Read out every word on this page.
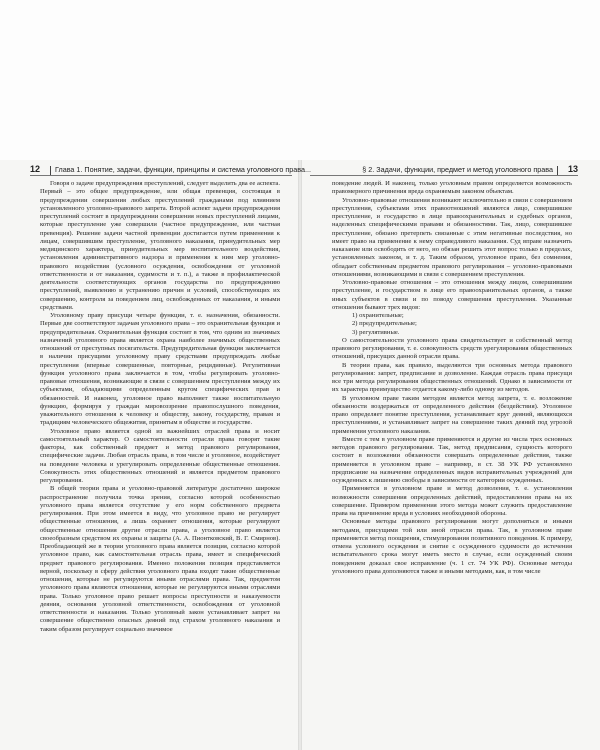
12 Глава 1. Понятие, задачи, функции, принципы и система уголовного права...	§ 2. Задачи, функции, предмет и метод уголовного права 13

Говоря о задаче предупреждения преступлений, следует выделить два ее аспекта. Первый – это общее предупреждение, или общая превенция, состоящая в предупреждении совершения любых преступлений гражданами под влиянием установленного уголовно-правового запрета. Второй аспект задачи предупреждения преступлений состоит в предупреждении совершения новых преступлений лицами, которые преступление уже совершили (частное предупреждение, или частная превенция). Решение задачи частной превенции достигается путем применения к лицам, совершившим преступление, уголовного наказания, принудительных мер медицинского характера, принудительных мер воспитательного воздействия, установления административного надзора и применения к ним мер уголовно-правового воздействия (условного осуждения, освобождения от уголовной ответственности и от наказания, судимости и т. п.), а также в профилактической деятельности соответствующих органов государства по предупреждению преступлений, выявлению и устранению причин и условий, способствующих их совершению, контроля за поведением лиц, освобожденных от наказания, и иными средствами.

Уголовному праву присущи четыре функции, т. е. назначения, обязанности. Первые две соответствуют задачам уголовного права – это охранительная функция и предупредительная. Охранительная функция состоит в том, что одним из значимых назначений уголовного права является охрана наиболее значимых общественных отношений от преступных посягательств. Предупредительная функция заключается в наличии присущими уголовному праву средствами предупреждать любые преступления (впервые совершенные, повторные, рецидивные). Регулятивная функция уголовного права заключается в том, чтобы регулировать уголовно-правовые отношения, возникающие в связи с совершением преступления между их субъектами, обладающими определенным кругом специфических прав и обязанностей. И наконец, уголовное право выполняет также воспитательную функцию, формируя у граждан мировоззрение правопослушного поведения, уважительного отношения к человеку и обществу, закону, государству, правам и традициям человеческого общежития, принятым в обществе и государстве.

Уголовное право является одной из важнейших отраслей права и носит самостоятельный характер. О самостоятельности отрасли права говорят такие факторы, как собственный предмет и метод правового регулирования, специфические задачи. Любая отрасль права, в том числе и уголовное, воздействует на поведение человека и урегулировать определенные общественные отношения. Совокупность этих общественных отношений и является предметом правового регулирования.

В общей теории права и уголовно-правовой литературе достаточно широкое распространение получила точка зрения, согласно которой особенностью уголовного права является отсутствие у его норм собственного предмета регулирования. При этом имеется в виду, что уголовное право не регулирует общественные отношения, а лишь охраняет отношения, которые регулируют общественные отношения другие отрасли права, а уголовное право является своеобразным средством их охраны и защиты (А. А. Пионтковский, В. Г. Смирнов). Преобладающей же в теории уголовного права является позиция, согласно которой уголовное право, как самостоятельная отрасль права, имеет и специфический предмет правового регулирования. Именно положения позиция представляется верной, поскольку в сферу действия уголовного права входят такие общественные отношения, которые не регулируются иными отраслями права. Так, предметом уголовного права являются отношения, которые не регулируются иными отраслями права. Только уголовное право решает вопросы преступности и наказуемости деяния, основания уголовной ответственности, освобождения от уголовной ответственности и наказания. Только уголовный закон устанавливает запрет на совершение общественно опасных деяний под страхом уголовного наказания и таким образом регулирует социально значимое

поведение людей. И наконец, только уголовным правом определяется возможность правомерного причинения вреда охраняемым законом объектам.

Уголовно-правовые отношения возникают исключительно в связи с совершением преступления, субъектами этих правоотношений являются лицо, совершившее преступление, и государство в лице правоохранительных и судебных органов, наделенных специфическими правами и обязанностями. Так, лицо, совершившее преступление, обязано претерпеть связанные с этим негативные последствия, но имеет право на применение к нему справедливого наказания. Суд вправе назначить наказание или освободить от него, но обязан решить этот вопрос только в пределах, установленных законом, и т. д. Таким образом, уголовное право, без сомнения, обладает собственным предметом правового регулирования – уголовно-правовыми отношениями, возникающими в связи с совершением преступления.

Уголовно-правовые отношения – это отношения между лицом, совершившим преступление, и государством в лице его правоохранительных органов, а также иных субъектов в связи и по поводу совершения преступления. Указанные отношения бывают трех видов:

1) охранительные;

2) предупредительные;

3) регулятивные.

О самостоятельности уголовного права свидетельствует и собственный метод правового регулирования, т. е. совокупность средств урегулирования общественных отношений, присущих данной отрасли права.

В теории права, как правило, выделяются три основных метода правового регулирования: запрет, предписание и дозволение. Каждая отрасль права присущи все три метода регулирования общественных отношений. Однако в зависимости от их характера преимущество отдается какому-либо одному из методов.

В уголовном праве таким методом является метод запрета, т. е. возложение обязанности воздержаться от определенного действия (бездействия). Уголовное право определяет понятие преступления, устанавливает круг деяний, являющихся преступлениями, и устанавливает запрет на совершение таких деяний под угрозой применения уголовного наказания.

Вместе с тем в уголовном праве применяются и другие из числа трех основных методов правового регулирования. Так, метод предписания, сущность которого состоит в возложении обязанности совершать определенные действия, также применяется в уголовном праве – например, в ст. 38 УК РФ установлено предписание на назначение определенных видов исправительных учреждений для осужденных к лишению свободы в зависимости от категории осужденных.

Применяется в уголовном праве и метод дозволения, т. е. установления возможности совершения определенных действий, предоставления права на их совершение. Примером применения этого метода может служить предоставление права на причинение вреда в условиях необходимой обороны.

Основные методы правового регулирования могут дополняться и иными методами, присущими той или иной отрасли права. Так, в уголовном праве применяется метод поощрения, стимулирования позитивного поведения. К примеру, отмена условного осуждения и снятие с осужденного судимости до истечения испытательного срока могут иметь место в случае, если осужденный своим поведением доказал свое исправление (ч. 1 ст. 74 УК РФ). Основные методы уголовного права дополняются также и иными методами, как, в том числе
